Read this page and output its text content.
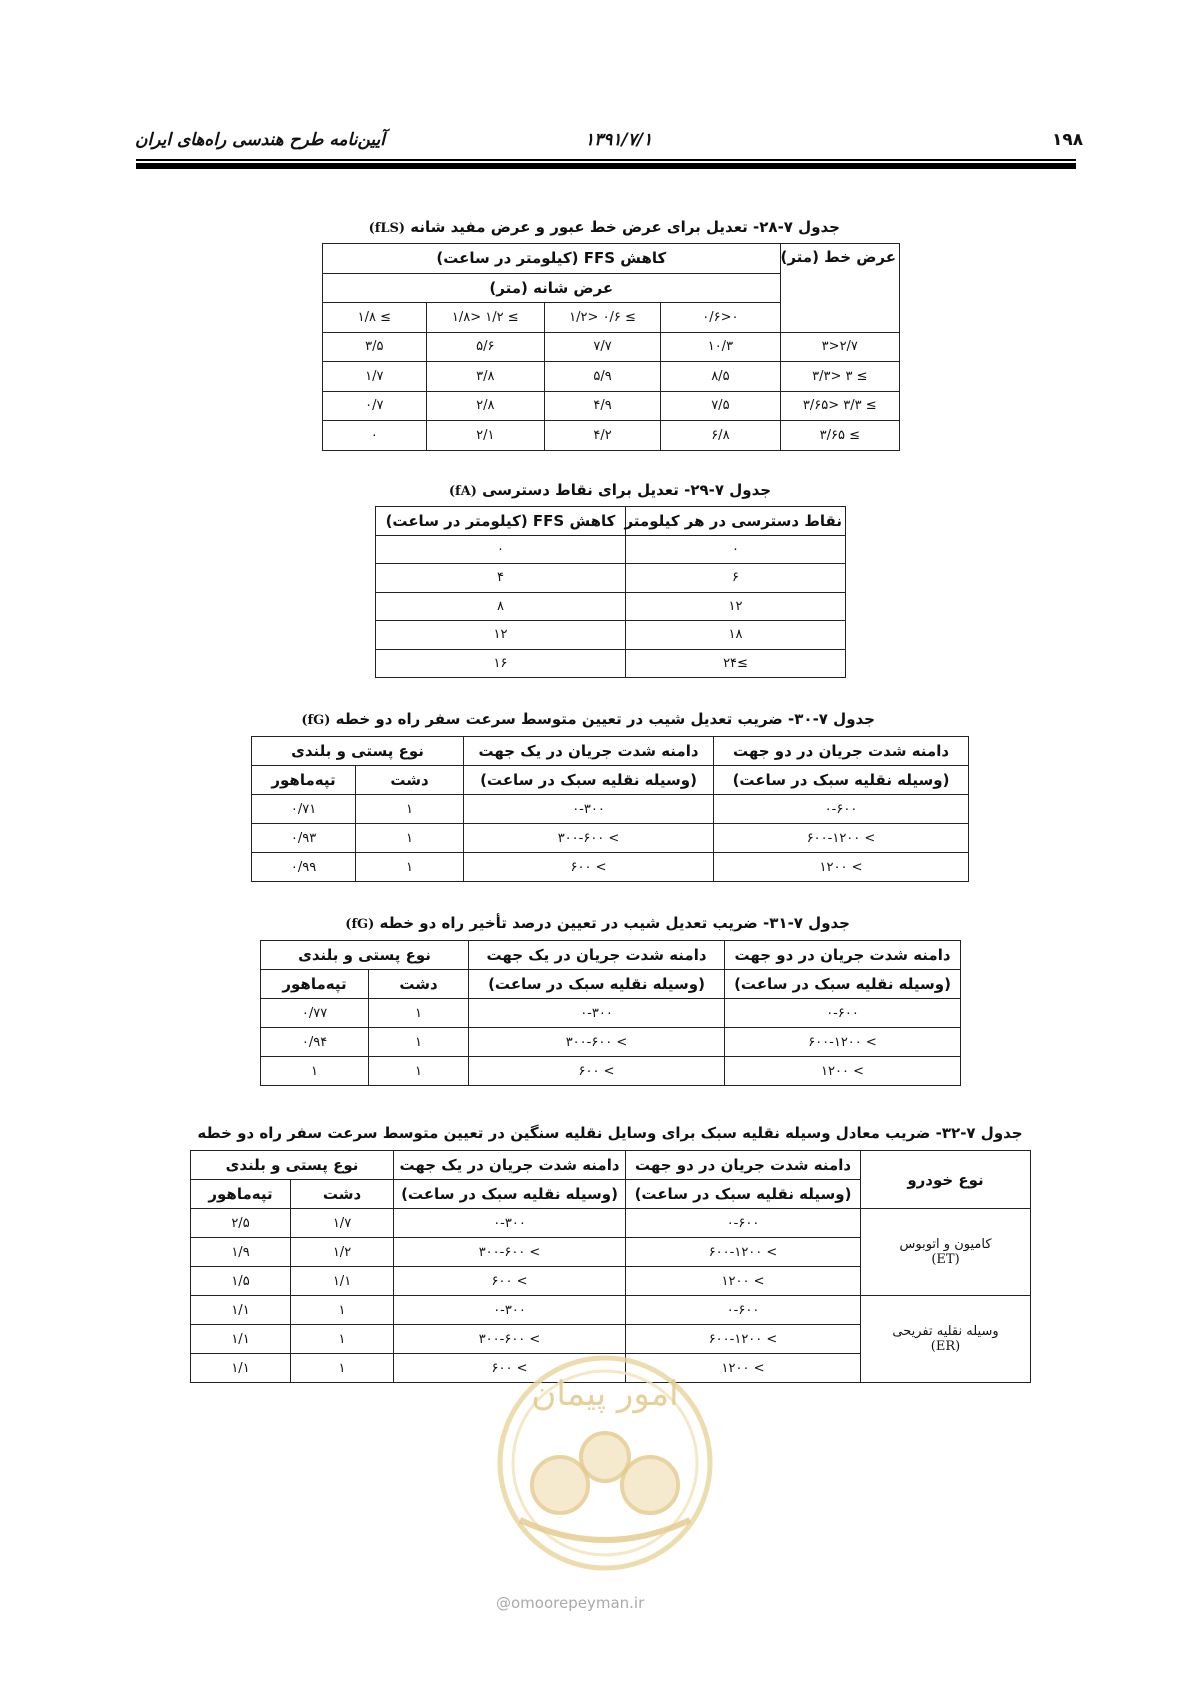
۱۹۸
۱۳۹۱/۷/۱
آیین‌نامه طرح هندسی راه‌های ایران
جدول ۷-۲۸- تعدیل برای عرض خط عبور و عرض مفید شانه (fLS)
عرض خط (متر)	کاهش FFS (کیلومتر در ساعت)			
	عرض شانه (متر)			
	۰<۰/۶	≥ ۰/۶ <۱/۲	≥ ۱/۲ <۱/۸	≥ ۱/۸
۲/۷<۳	۱۰/۳	۷/۷	۵/۶	۳/۵
≥ ۳ <۳/۳	۸/۵	۵/۹	۳/۸	۱/۷
≥ ۳/۳ <۳/۶۵	۷/۵	۴/۹	۲/۸	۰/۷
≥ ۳/۶۵	۶/۸	۴/۲	۲/۱	۰
جدول ۷-۲۹- تعدیل برای نقاط دسترسی (fA)
نقاط دسترسی در هر کیلومتر	کاهش FFS (کیلومتر در ساعت)
۰	۰
۶	۴
۱۲	۸
۱۸	۱۲
≥۲۴	۱۶
جدول ۷-۳۰- ضریب تعدیل شیب در تعیین متوسط سرعت سفر راه دو خطه (fG)
دامنه شدت جریان در دو جهت	دامنه شدت جریان در یک جهت	نوع پستی و بلندی	
(وسیله نقلیه سبک در ساعت)	(وسیله نقلیه سبک در ساعت)	دشت	تپه‌ماهور
۰-۶۰۰	۰-۳۰۰	۱	۰/۷۱
> ۶۰۰-۱۲۰۰	> ۳۰۰-۶۰۰	۱	۰/۹۳
> ۱۲۰۰	> ۶۰۰	۱	۰/۹۹
جدول ۷-۳۱- ضریب تعدیل شیب در تعیین درصد تأخیر راه دو خطه (fG)
دامنه شدت جریان در دو جهت	دامنه شدت جریان در یک جهت	نوع پستی و بلندی	
(وسیله نقلیه سبک در ساعت)	(وسیله نقلیه سبک در ساعت)	دشت	تپه‌ماهور
۰-۶۰۰	۰-۳۰۰	۱	۰/۷۷
> ۶۰۰-۱۲۰۰	> ۳۰۰-۶۰۰	۱	۰/۹۴
> ۱۲۰۰	> ۶۰۰	۱	۱
جدول ۷-۳۲- ضریب معادل وسیله نقلیه سبک برای وسایل نقلیه سنگین در تعیین متوسط سرعت سفر راه دو خطه
نوع خودرو	دامنه شدت جریان در دو جهت	دامنه شدت جریان در یک جهت	نوع پستی و بلندی	
	(وسیله نقلیه سبک در ساعت)	(وسیله نقلیه سبک در ساعت)	دشت	تپه‌ماهور

کامیون و اتوبوس
(ET)	۰-۶۰۰	۰-۳۰۰	۱/۷	۲/۵
	> ۶۰۰-۱۲۰۰	> ۳۰۰-۶۰۰	۱/۲	۱/۹
	> ۱۲۰۰	> ۶۰۰	۱/۱	۱/۵

وسیله نقلیه تفریحی
(ER)	۰-۶۰۰	۰-۳۰۰	۱	۱/۱
	> ۶۰۰-۱۲۰۰	> ۳۰۰-۶۰۰	۱	۱/۱
	> ۱۲۰۰	> ۶۰۰	۱	۱/۱
امور پیمان
@omoorepeyman.ir
